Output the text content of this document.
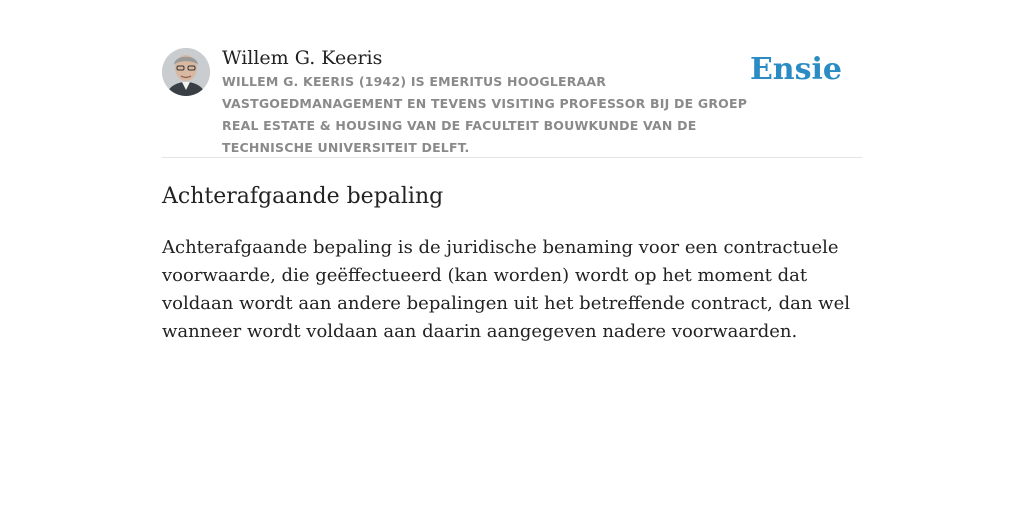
Willem G. Keeris
WILLEM G. KEERIS (1942) IS EMERITUS HOOGLERAAR VASTGOEDMANAGEMENT EN TEVENS VISITING PROFESSOR BIJ DE GROEP REAL ESTATE & HOUSING VAN DE FACULTEIT BOUWKUNDE VAN DE TECHNISCHE UNIVERSITEIT DELFT.
Ensie
Achterafgaande bepaling

Achterafgaande bepaling is de juridische benaming voor een contractuele voorwaarde, die geëffectueerd (kan worden) wordt op het moment dat voldaan wordt aan andere bepalingen uit het betreffende contract, dan wel wanneer wordt voldaan aan daarin aangegeven nadere voorwaarden.
